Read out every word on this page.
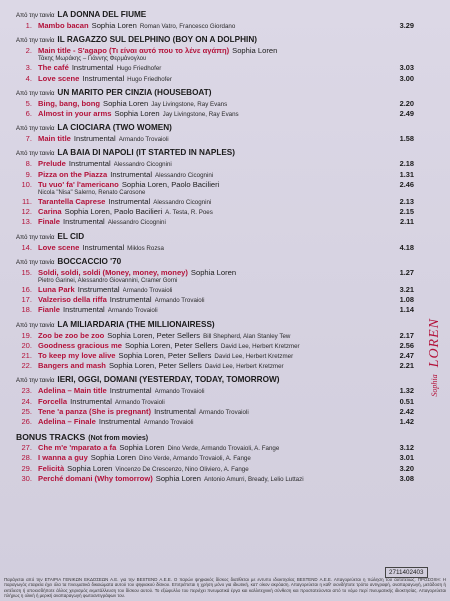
Από την ταινία LA DONNA DEL FIUME
1. Mambo bacan Sophia Loren Roman Vatro, Francesco Giordano	3.29
Από την ταινία IL RAGAZZO SUL DELPHINO (BOY ON A DOLPHIN)
2. Main title - S'agapo (Τι είναι αυτό που το λένε αγάπη) Sophia Loren
Τάκης Μωράκης – Γιάννης Φερμάνογλου
3. The café Instrumental Hugo Friedhofer	3.03
4. Love scene Instrumental Hugo Friedhofer	3.00
Από την ταινία UN MARITO PER CINZIA (HOUSEBOAT)
5. Bing, bang, bong Sophia Loren Jay Livingstone, Ray Evans	2.20
6. Almost in your arms Sophia Loren Jay Livingstone, Ray Evans	2.49
Από την ταινία LA CIOCIARA (TWO WOMEN)
7. Main title Instrumental Armando Trovaioli	1.58
Από την ταινία LA BAIA DI NAPOLI (IT STARTED IN NAPLES)
8. Prelude Instrumental Alessandro Cicognini	2.18
9. Pizza on the Piazza Instrumental Alessandro Cicognini	1.31
10. Tu vuo' fa' l'americano Sophia Loren, Paolo Bacilieri	2.46
Nicola "Nisa" Salerno, Renato Carosone
11. Tarantella Caprese Instrumental Alessandro Cicognini	2.13
12. Carina Sophia Loren, Paolo Bacilieri A. Testa, R. Poes	2.15
13. Finale Instrumental Alessandro Cicognini	2.11
Από την ταινία EL CID
14. Love scene Instrumental Miklos Rozsa	4.18
Από την ταινία BOCCACCIO '70
15. Soldi, soldi, soldi (Money, money, money) Sophia Loren	1.27
Pietro Garinei, Alessandro Giovannini, Cramer Gorni
16. Luna Park Instrumental Armando Trovaioli	3.21
17. Valzeriso della riffa Instrumental Armando Trovaioli	1.08
18. Fianle Instrumental Armando Trovaioli	1.14
Από την ταινία LA MILIARDARIA (THE MILLIONAIRESS)
19. Zoo be zoo be zoo Sophia Loren, Peter Sellers Bill Shepherd, Alan Stanley Tew	2.17
20. Goodness gracious me Sophia Loren, Peter Sellers David Lee, Herbert Kretzmer	2.56
21. To keep my love alive Sophia Loren, Peter Sellers David Lee, Herbert Kretzmer	2.47
22. Bangers and mash Sophia Loren, Peter Sellers David Lee, Herbert Kretzmer	2.21
Από την ταινία IERI, OGGI, DOMANI (YESTERDAY, TODAY, TOMORROW)
23. Adelina – Main title Instrumental Armando Trovaioli	1.32
24. Forcella Instrumental Armando Trovaioli	0.51
25. Tene 'a panza (She is pregnant) Instrumental Armando Trovaioli	2.42
26. Adelina – Finale Instrumental Armando Trovaioli	1.42
BONUS TRACKS (Not from movies)
27. Che m'e 'mparato a fa Sophia Loren Dino Verde, Armando Trovaioli, A. Fange	3.12
28. I wanna a guy Sophia Loren Dino Verde, Armando Trovaioli, A. Fange	3.01
29. Felicità Sophia Loren Vincenzo De Crescenzo, Nino Oliviero, A. Fange	3.20
30. Perché domani (Why tomorrow) Sophia Loren Antonio Amurri, Bready, Lelio Luttazi	3.08
Sophia LOREN
2711402403
Παράγεται από την ΕΤΑΙΡΙΑ ΓΕΝΙΚΩΝ ΕΚΔΟΣΕΩΝ Α.Ε. για την BESTEND Α.Ε.Ε. Ο παρών ψηφιακός δίσκος διατίθεται με εντυπο ιδιοκτησίας BESTEND Α.Ε.Ε. Απαγορεύεται η πώληση του αυτοτελώς. ΠΡΟΣΟΧΗ: Η παραγωγός εταιρεία έχει όλα τα πνευματικά δικαιώματα αυτού του ψηφιακού δίσκου. Επιτρέπεται η χρήση μόνο για ιδιωτική, κατ' οίκον ακρόαση. Απαγορεύεται η καθ' οιονδήποτε τρόπο αντιγραφή, αναπαραγωγή, μετάδοση ή εκτέλεση ή οποιοσδήποτε άλλος χειρισμός εκμετάλλευση του δίσκου αυτού. Το εξώφυλλο του περιέχει πνευματικά έργα και καλλιτεχνική σύνθεση και προστατεύονται από το νόμο περί πνευματικής ιδιοκτησίας. Απαγορεύεται πλήρως η ολική ή μερική αναπαραγωγή φωτοαντιγράφων του.
